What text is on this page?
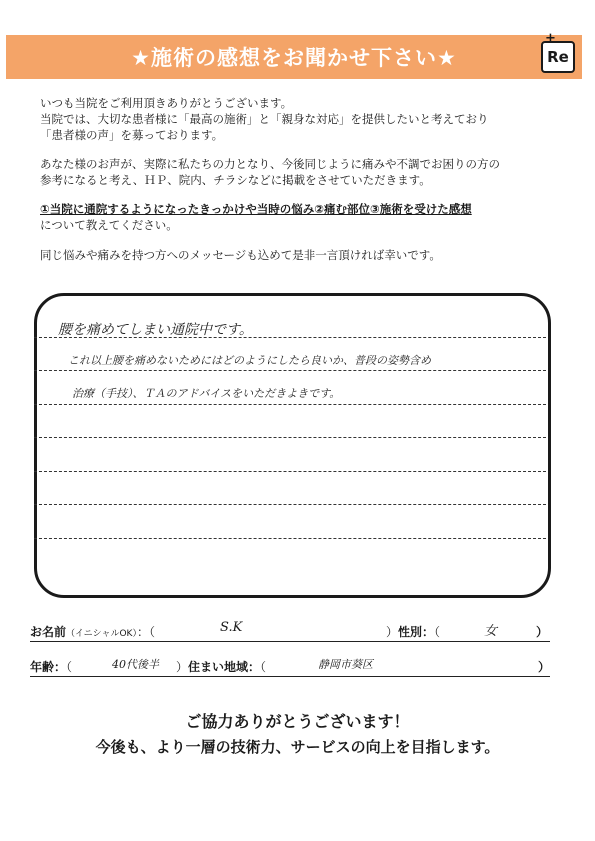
★施術の感想をお聞かせ下さい★
+
Re

いつも当院をご利用頂きありがとうございます。
当院では、大切な患者様に「最高の施術」と「親身な対応」を提供したいと考えており
「患者様の声」を募っております。

あなた様のお声が、実際に私たちの力となり、今後同じように痛みや不調でお困りの方の
参考になると考え、ＨＰ、院内、チラシなどに掲載をさせていただきます。

①当院に通院するようになったきっかけや当時の悩み②痛む部位③施術を受けた感想
について教えてください。

同じ悩みや痛みを持つ方へのメッセージも込めて是非一言頂ければ幸いです。

腰を痛めてしまい通院中です。
これ以上腰を痛めないためにはどのようにしたら良いか、普段の姿勢含め
治療（手技）、ＴＡのアドバイスをいただきよきです。
お名前（イニシャルOK）：（	S.K	）性別：（	女	）
年齢：（	40代後半 ）住まい地域：（	静岡市葵区	）
ご協力ありがとうございます！
今後も、より一層の技術力、サービスの向上を目指します。
